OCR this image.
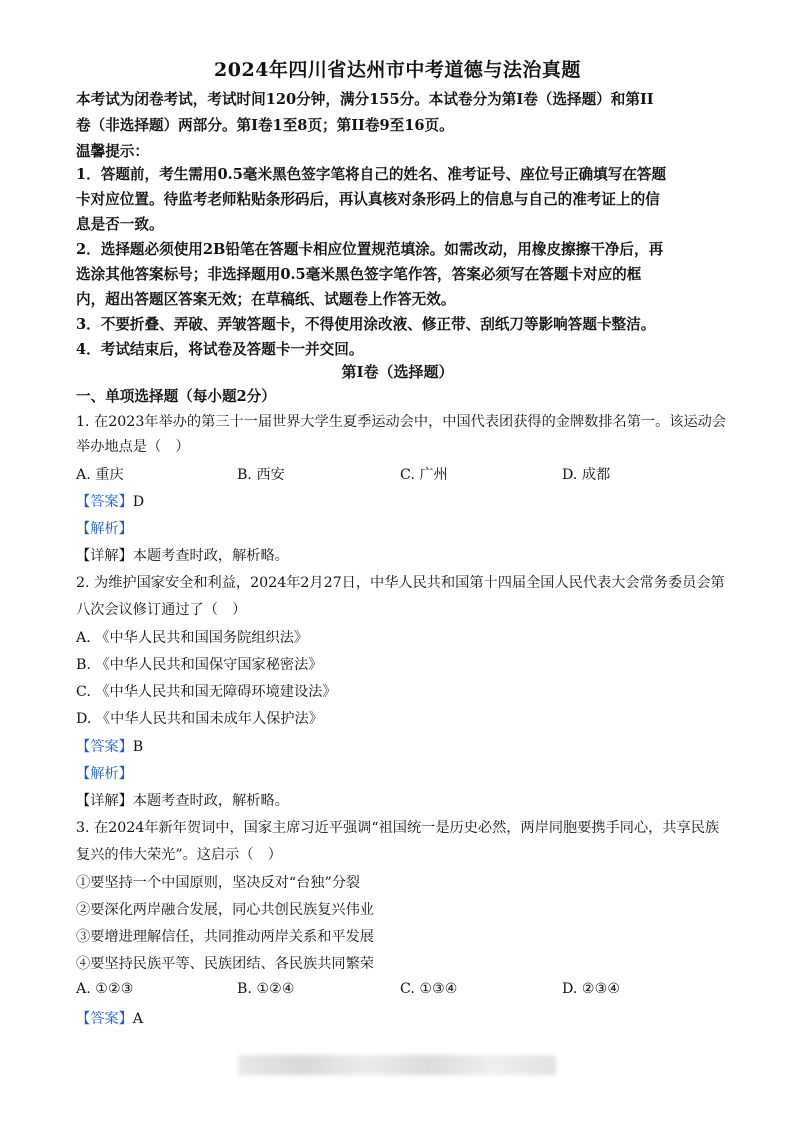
2024年四川省达州市中考道德与法治真题
本考试为闭卷考试，考试时间120分钟，满分155分。本试卷分为第I卷（选择题）和第II
卷（非选择题）两部分。第I卷1至8页；第II卷9至16页。
温馨提示：
1．答题前，考生需用0.5毫米黑色签字笔将自己的姓名、准考证号、座位号正确填写在答题
卡对应位置。待监考老师粘贴条形码后，再认真核对条形码上的信息与自己的准考证上的信
息是否一致。
2．选择题必须使用2B铅笔在答题卡相应位置规范填涂。如需改动，用橡皮擦擦干净后，再
选涂其他答案标号；非选择题用0.5毫米黑色签字笔作答，答案必须写在答题卡对应的框
内，超出答题区答案无效；在草稿纸、试题卷上作答无效。
3．不要折叠、弄破、弄皱答题卡，不得使用涂改液、修正带、刮纸刀等影响答题卡整洁。
4．考试结束后，将试卷及答题卡一并交回。
第Ⅰ卷（选择题）
一、单项选择题（每小题2分）
1. 在2023年举办的第三十一届世界大学生夏季运动会中，中国代表团获得的金牌数排名第一。该运动会
举办地点是（　）
A. 重庆	B. 西安	C. 广州	D. 成都
【答案】D
【解析】
【详解】本题考查时政，解析略。
2. 为维护国家安全和利益，2024年2月27日，中华人民共和国第十四届全国人民代表大会常务委员会第
八次会议修订通过了（　）
A. 《中华人民共和国国务院组织法》
B. 《中华人民共和国保守国家秘密法》
C. 《中华人民共和国无障碍环境建设法》
D. 《中华人民共和国未成年人保护法》
【答案】B
【解析】
【详解】本题考查时政，解析略。
3. 在2024年新年贺词中，国家主席习近平强调“祖国统一是历史必然，两岸同胞要携手同心，共享民族
复兴的伟大荣光”。这启示（　）
①要坚持一个中国原则，坚决反对“台独”分裂
②要深化两岸融合发展，同心共创民族复兴伟业
③要增进理解信任，共同推动两岸关系和平发展
④要坚持民族平等、民族团结、各民族共同繁荣
A. ①②③	B. ①②④	C. ①③④	D. ②③④
【答案】A
